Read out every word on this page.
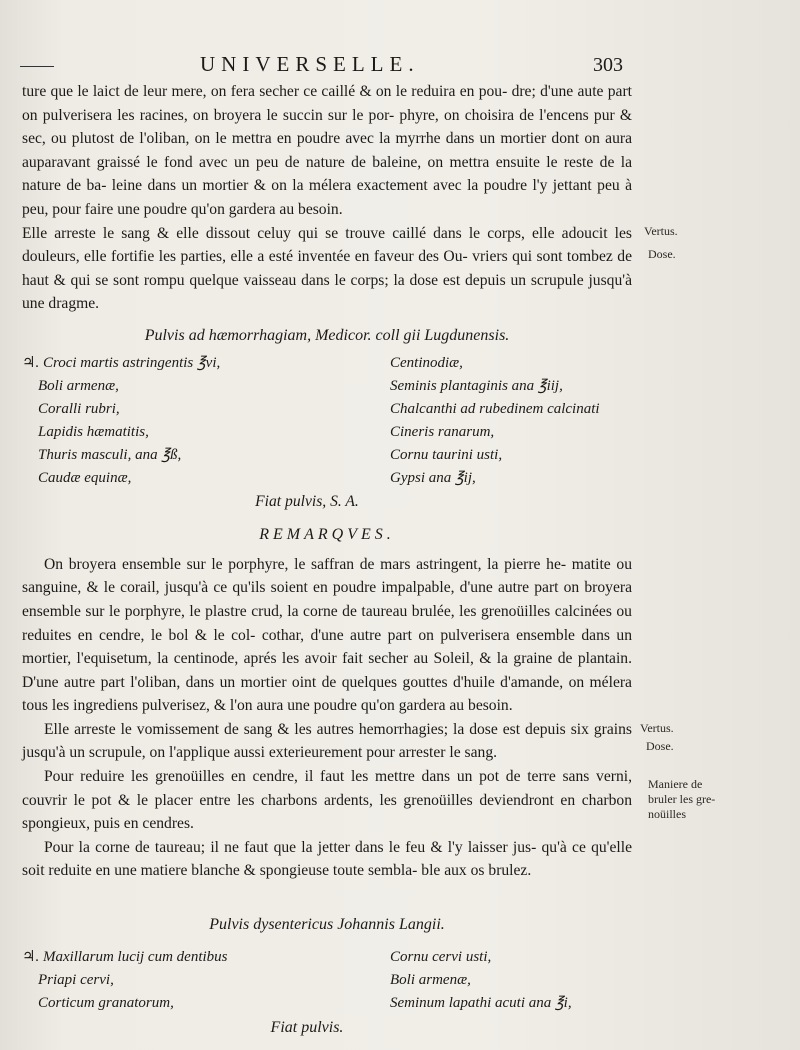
UNIVERSELLE.	303

ture que le laict de leur mere, on fera secher ce caillé & on le reduira en pou- dre; d'une aute part on pulverisera les racines, on broyera le succin sur le por- phyre, on choisira de l'encens pur & sec, ou plutost de l'oliban, on le mettra en poudre avec la myrrhe dans un mortier dont on aura auparavant graissé le fond avec un peu de nature de baleine, on mettra ensuite le reste de la nature de ba- leine dans un mortier & on la mélera exactement avec la poudre l'y jettant peu à peu, pour faire une poudre qu'on gardera au besoin.

Elle arreste le sang & elle dissout celuy qui se trouve caillé dans le corps, elle adoucit les douleurs, elle fortifie les parties, elle a esté inventée en faveur des Ou- vriers qui sont tombez de haut & qui se sont rompu quelque vaisseau dans le corps; la dose est depuis un scrupule jusqu'à une dragme.

Pulvis ad hæmorrhagiam, Medicor. coll gii Lugdunensis.
♃. Croci martis astringentis ℥vi,
Boli armenæ,
Coralli rubri,
Lapidis hæmatitis,
Thuris masculi, ana ℥ß,
Caudæ equinæ,
Centinodiæ,
Seminis plantaginis ana ℥iij,
Chalcanthi ad rubedinem calcinati
Cineris ranarum,
Cornu taurini usti,
Gypsi ana ℥ij,
Fiat pulvis, S. A.
REMARQVES.

On broyera ensemble sur le porphyre, le saffran de mars astringent, la pierre he- matite ou sanguine, & le corail, jusqu'à ce qu'ils soient en poudre impalpable, d'une autre part on broyera ensemble sur le porphyre, le plastre crud, la corne de taureau brulée, les grenoüilles calcinées ou reduites en cendre, le bol & le col- cothar, d'une autre part on pulverisera ensemble dans un mortier, l'equisetum, la centinode, aprés les avoir fait secher au Soleil, & la graine de plantain. D'une autre part l'oliban, dans un mortier oint de quelques gouttes d'huile d'amande, on mélera tous les ingrediens pulverisez, & l'on aura une poudre qu'on gardera au besoin.

Elle arreste le vomissement de sang & les autres hemorrhagies; la dose est depuis six grains jusqu'à un scrupule, on l'applique aussi exterieurement pour arrester le sang.

Pour reduire les grenoüilles en cendre, il faut les mettre dans un pot de terre sans verni, couvrir le pot & le placer entre les charbons ardents, les grenoüilles deviendront en charbon spongieux, puis en cendres.

Pour la corne de taureau; il ne faut que la jetter dans le feu & l'y laisser jus- qu'à ce qu'elle soit reduite en une matiere blanche & spongieuse toute sembla- ble aux os brulez.

Pulvis dysentericus Johannis Langii.
♃. Maxillarum lucij cum dentibus
Priapi cervi,
Corticum granatorum,
Cornu cervi usti,
Boli armenæ,
Seminum lapathi acuti ana ℥i,
Fiat pulvis.
Vertus.
Dose.
Vertus.
Dose.
Maniere de
bruler les gre-
noüilles
